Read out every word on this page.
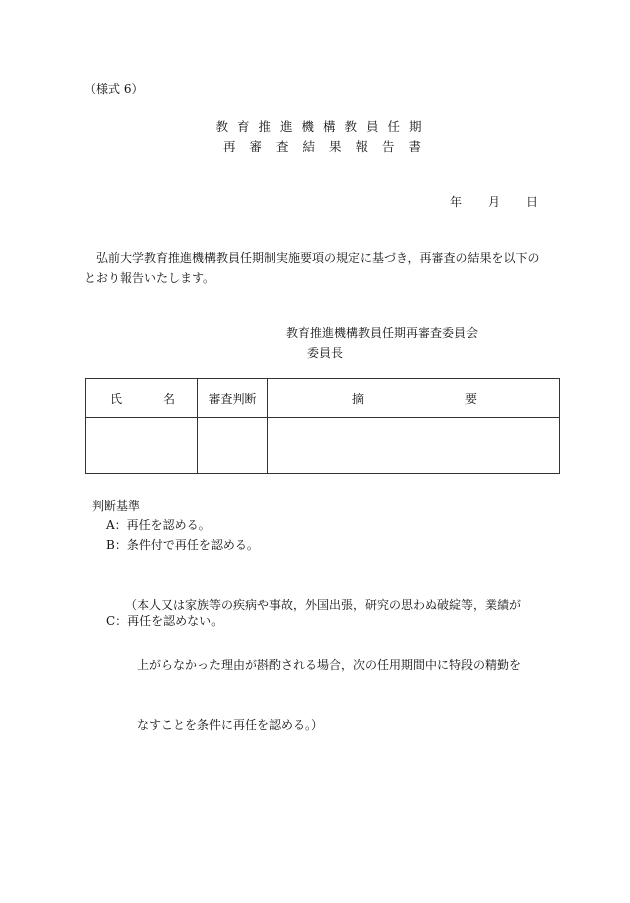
（様式 6）
教育推進機構教員任期
再審査結果報告書
年 月 日
弘前大学教育推進機構教員任期制実施要項の規定に基づき，再審査の結果を以下の
とおり報告いたします。
教育推進機構教員任期再審査委員会
委員長
氏 名	審査判断	摘 要

判断基準
A：再任を認める。
B：条件付で再任を認める。

（本人又は家族等の疾病や事故，外国出張，研究の思わぬ破綻等，業績が

　上がらなかった理由が斟酌される場合，次の任用期間中に特段の精勤を

　なすことを条件に再任を認める。）

C：再任を認めない。
